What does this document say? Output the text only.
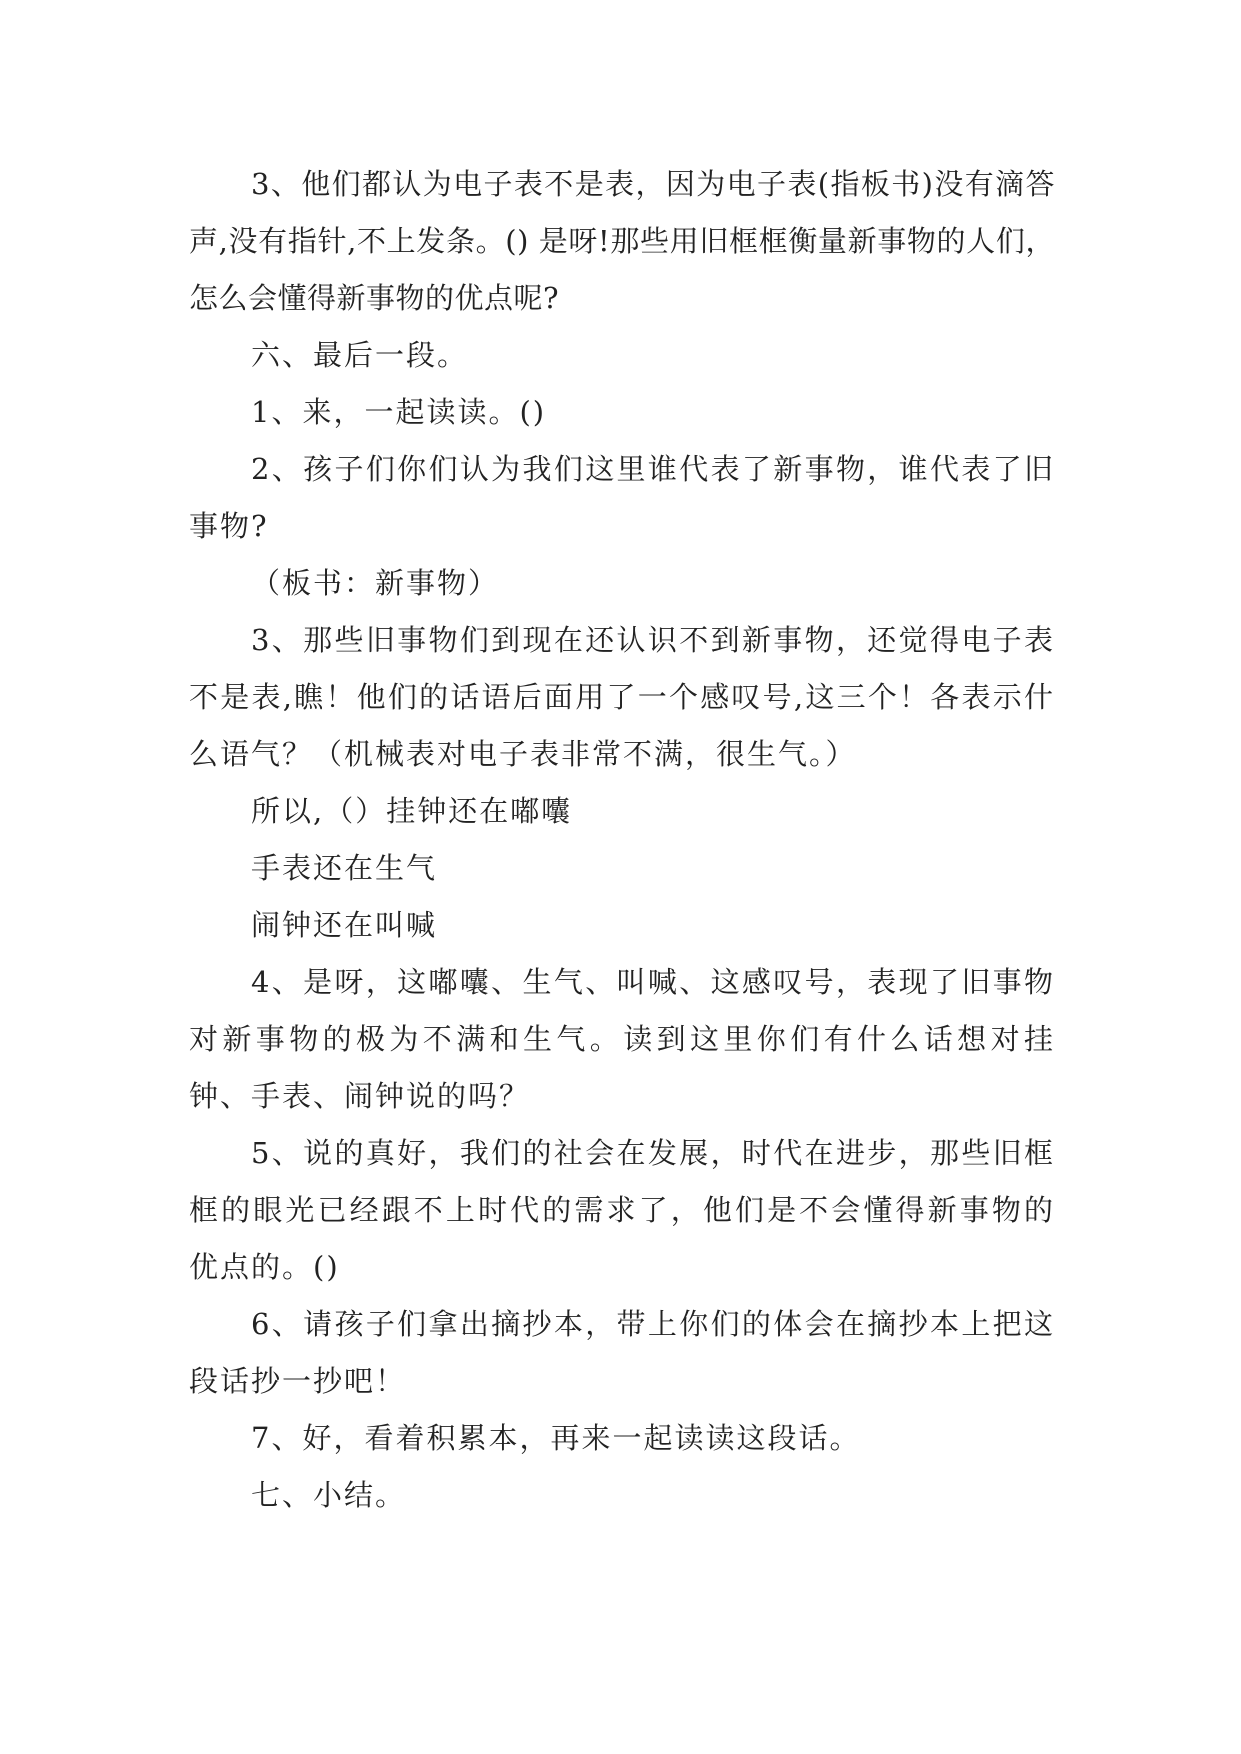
3、他们都认为电子表不是表，因为电子表(指板书)没有滴答声,没有指针,不上发条。() 是呀!那些用旧框框衡量新事物的人们，怎么会懂得新事物的优点呢?

六、最后一段。

1、来，一起读读。()

2、孩子们你们认为我们这里谁代表了新事物，谁代表了旧事物?

（板书：新事物）

3、那些旧事物们到现在还认识不到新事物，还觉得电子表不是表,瞧！他们的话语后面用了一个感叹号,这三个！各表示什么语气？（机械表对电子表非常不满，很生气。）

所以,（）挂钟还在嘟囔

手表还在生气

闹钟还在叫喊

4、是呀，这嘟囔、生气、叫喊、这感叹号，表现了旧事物对新事物的极为不满和生气。读到这里你们有什么话想对挂钟、手表、闹钟说的吗？

5、说的真好，我们的社会在发展，时代在进步，那些旧框框的眼光已经跟不上时代的需求了，他们是不会懂得新事物的优点的。()

6、请孩子们拿出摘抄本，带上你们的体会在摘抄本上把这段话抄一抄吧！

7、好，看着积累本，再来一起读读这段话。

七、小结。
